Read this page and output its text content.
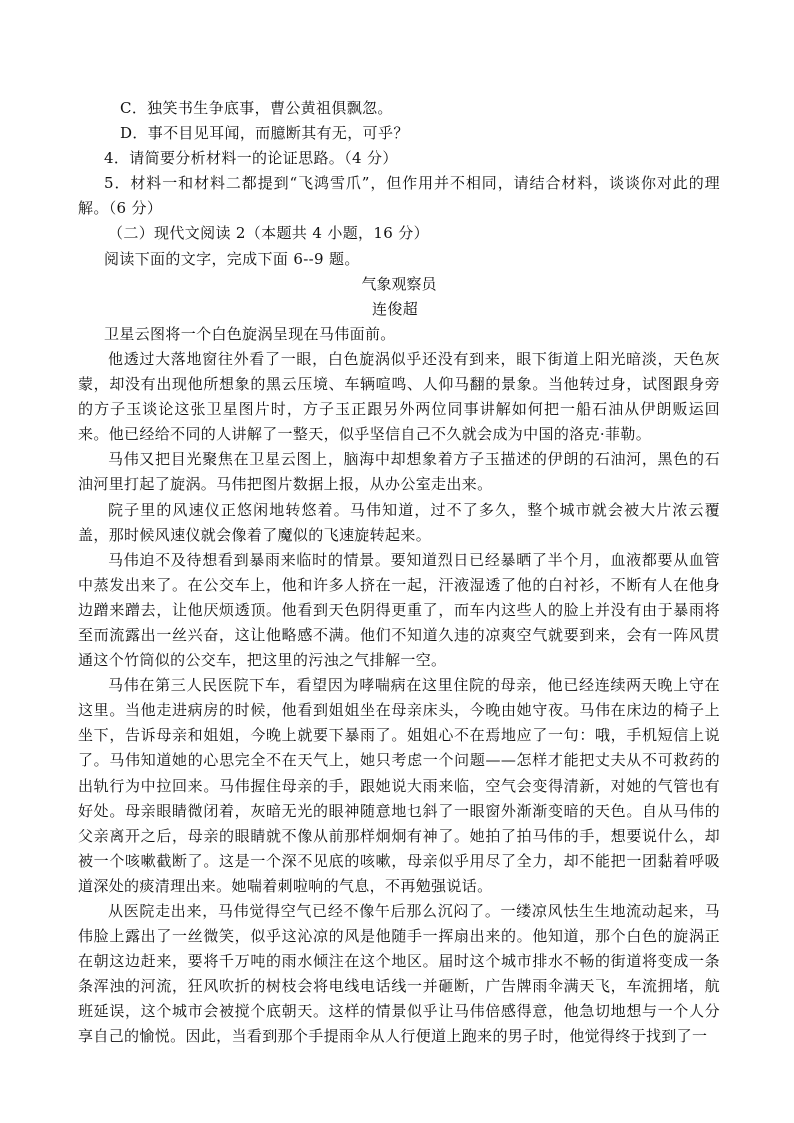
C．独笑书生争底事，曹公黄祖俱飘忽。
D．事不目见耳闻，而臆断其有无，可乎？
4．请简要分析材料一的论证思路。（4 分）

5．材料一和材料二都提到“飞鸿雪爪”，但作用并不相同，请结合材料，谈谈你对此的理解。（6 分）

（二）现代文阅读 2（本题共 4 小题，16 分）
阅读下面的文字，完成下面 6--9 题。
气象观察员
连俊超

卫星云图将一个白色旋涡呈现在马伟面前。

他透过大落地窗往外看了一眼，白色旋涡似乎还没有到来，眼下街道上阳光暗淡，天色灰蒙，却没有出现他所想象的黑云压境、车辆喧鸣、人仰马翻的景象。当他转过身，试图跟身旁的方子玉谈论这张卫星图片时，方子玉正跟另外两位同事讲解如何把一船石油从伊朗贩运回来。他已经给不同的人讲解了一整天，似乎坚信自己不久就会成为中国的洛克·菲勒。

马伟又把目光聚焦在卫星云图上，脑海中却想象着方子玉描述的伊朗的石油河，黑色的石油河里打起了旋涡。马伟把图片数据上报，从办公室走出来。

院子里的风速仪正悠闲地转悠着。马伟知道，过不了多久，整个城市就会被大片浓云覆盖，那时候风速仪就会像着了魔似的飞速旋转起来。

马伟迫不及待想看到暴雨来临时的情景。要知道烈日已经暴晒了半个月，血液都要从血管中蒸发出来了。在公交车上，他和许多人挤在一起，汗液湿透了他的白衬衫，不断有人在他身边蹭来蹭去，让他厌烦透顶。他看到天色阴得更重了，而车内这些人的脸上并没有由于暴雨将至而流露出一丝兴奋，这让他略感不满。他们不知道久违的凉爽空气就要到来，会有一阵风贯通这个竹筒似的公交车，把这里的污浊之气排解一空。

马伟在第三人民医院下车，看望因为哮喘病在这里住院的母亲，他已经连续两天晚上守在这里。当他走进病房的时候，他看到姐姐坐在母亲床头，今晚由她守夜。马伟在床边的椅子上坐下，告诉母亲和姐姐，今晚上就要下暴雨了。姐姐心不在焉地应了一句：哦，手机短信上说了。马伟知道她的心思完全不在天气上，她只考虑一个问题——怎样才能把丈夫从不可救药的出轨行为中拉回来。马伟握住母亲的手，跟她说大雨来临，空气会变得清新，对她的气管也有好处。母亲眼睛微闭着，灰暗无光的眼神随意地乜斜了一眼窗外渐渐变暗的天色。自从马伟的父亲离开之后，母亲的眼睛就不像从前那样炯炯有神了。她拍了拍马伟的手，想要说什么，却被一个咳嗽截断了。这是一个深不见底的咳嗽，母亲似乎用尽了全力，却不能把一团黏着呼吸道深处的痰清理出来。她喘着刺啦响的气息，不再勉强说话。

从医院走出来，马伟觉得空气已经不像午后那么沉闷了。一缕凉风怯生生地流动起来，马伟脸上露出了一丝微笑，似乎这沁凉的风是他随手一挥扇出来的。他知道，那个白色的旋涡正在朝这边赶来，要将千万吨的雨水倾注在这个地区。届时这个城市排水不畅的街道将变成一条条浑浊的河流，狂风吹折的树枝会将电线电话线一并砸断，广告牌雨伞满天飞，车流拥堵，航班延误，这个城市会被搅个底朝天。这样的情景似乎让马伟倍感得意，他急切地想与一个人分享自己的愉悦。因此，当看到那个手提雨伞从人行便道上跑来的男子时，他觉得终于找到了一
